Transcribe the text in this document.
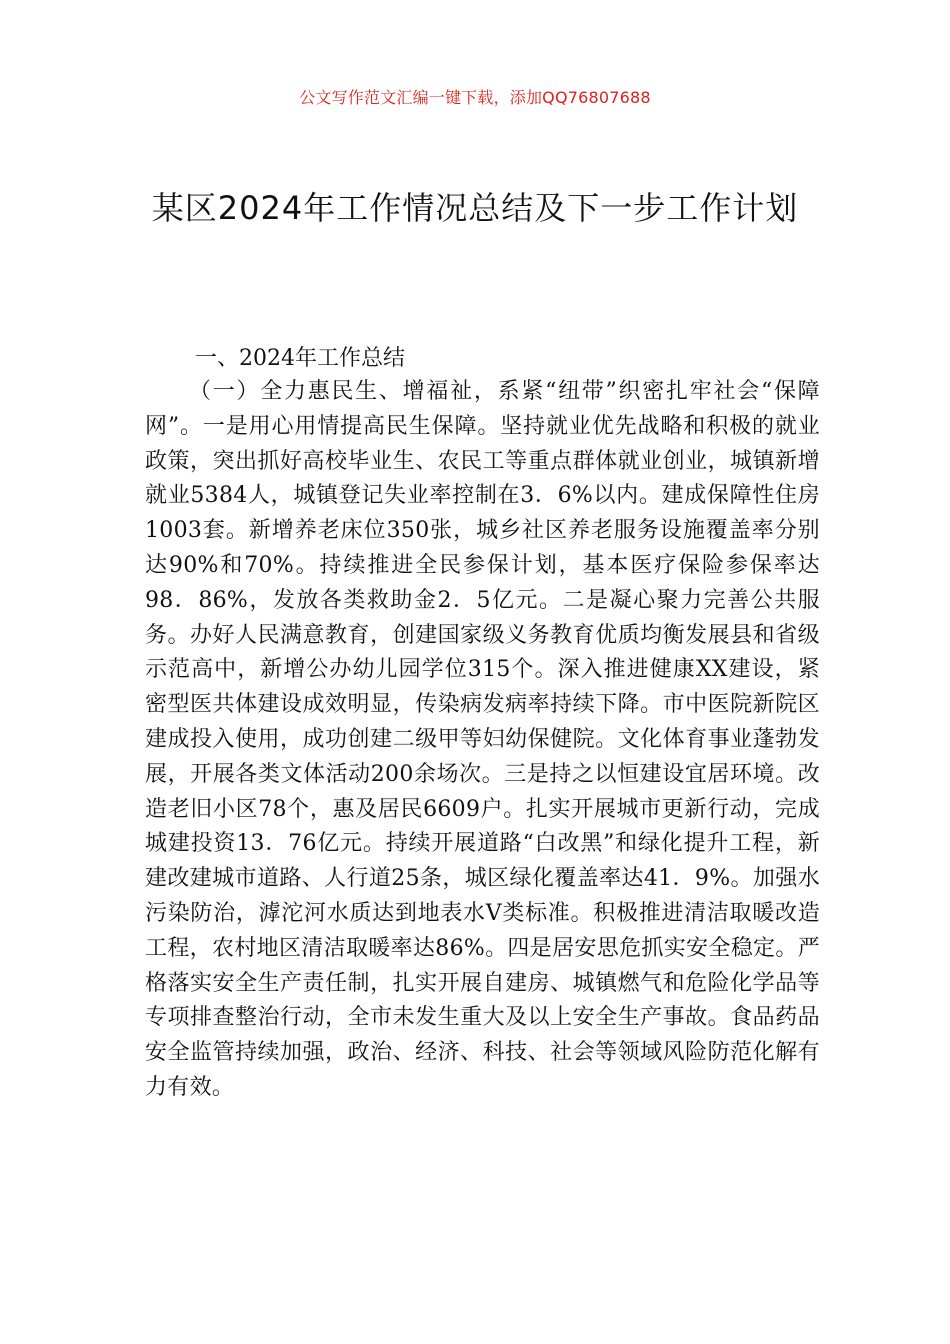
公文写作范文汇编一键下载，添加QQ76807688
某区2024年工作情况总结及下一步工作计划
一、2024年工作总结
（一）全力惠民生、增福祉，系紧“纽带”织密扎牢社会“保障网”。一是用心用情提高民生保障。坚持就业优先战略和积极的就业政策，突出抓好高校毕业生、农民工等重点群体就业创业，城镇新增就业5384人，城镇登记失业率控制在3．6%以内。建成保障性住房1003套。新增养老床位350张，城乡社区养老服务设施覆盖率分别达90%和70%。持续推进全民参保计划，基本医疗保险参保率达98．86%，发放各类救助金2．5亿元。二是凝心聚力完善公共服务。办好人民满意教育，创建国家级义务教育优质均衡发展县和省级示范高中，新增公办幼儿园学位315个。深入推进健康XX建设，紧密型医共体建设成效明显，传染病发病率持续下降。市中医院新院区建成投入使用，成功创建二级甲等妇幼保健院。文化体育事业蓬勃发展，开展各类文体活动200余场次。三是持之以恒建设宜居环境。改造老旧小区78个，惠及居民6609户。扎实开展城市更新行动，完成城建投资13．76亿元。持续开展道路“白改黑”和绿化提升工程，新建改建城市道路、人行道25条，城区绿化覆盖率达41．9%。加强水污染防治，滹沱河水质达到地表水Ⅴ类标准。积极推进清洁取暖改造工程，农村地区清洁取暖率达86%。四是居安思危抓实安全稳定。严格落实安全生产责任制，扎实开展自建房、城镇燃气和危险化学品等专项排查整治行动，全市未发生重大及以上安全生产事故。食品药品安全监管持续加强，政治、经济、科技、社会等领域风险防范化解有力有效。
